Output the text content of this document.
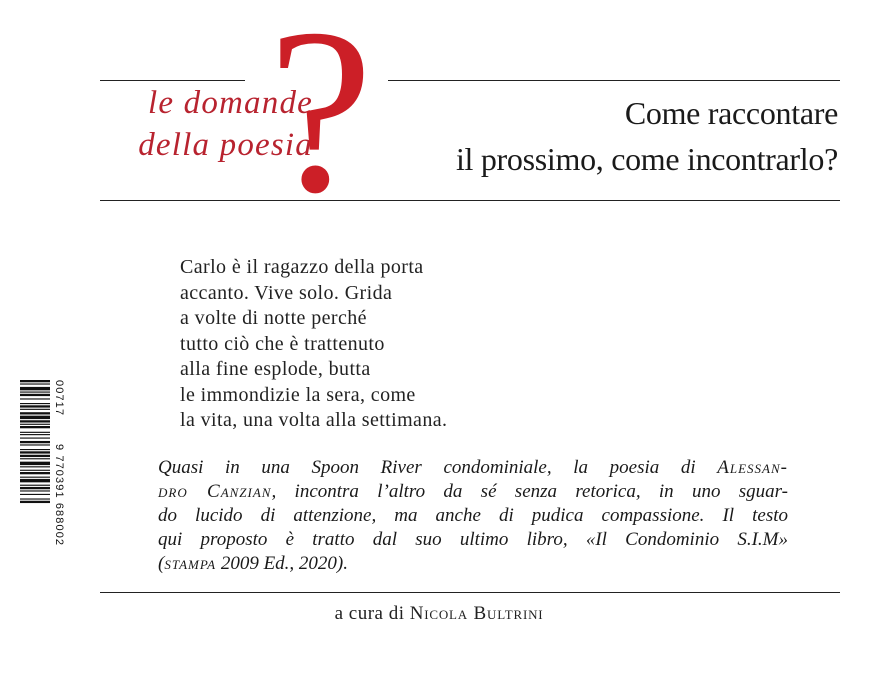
le domande
della poesia
?	Come raccontare
il prossimo, come incontrarlo?
Carlo è il ragazzo della porta
accanto. Vive solo. Grida
a volte di notte perché
tutto ciò che è trattenuto
alla fine esplode, butta
le immondizie la sera, come
la vita, una volta alla settimana.
Quasi in una Spoon River condominiale, la poesia di Alessan-
dro Canzian, incontra l’altro da sé senza retorica, in uno sguar-
do lucido di attenzione, ma anche di pudica compassione. Il testo
qui proposto è tratto dal suo ultimo libro, «Il Condominio S.I.M»
(stampa 2009 Ed., 2020).
a cura di Nicola Bultrini
00717
9 770391 688002
